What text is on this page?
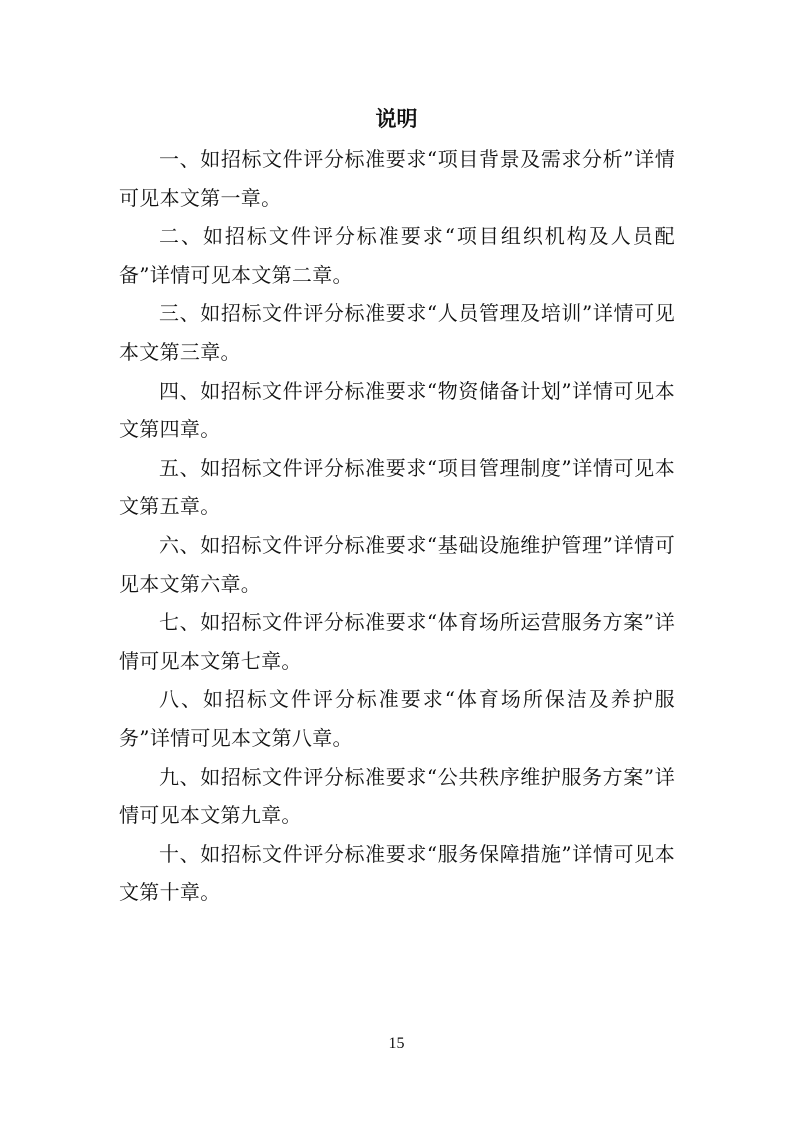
说明

一、如招标文件评分标准要求“项目背景及需求分析”详情可见本文第一章。

二、如招标文件评分标准要求“项目组织机构及人员配备”详情可见本文第二章。

三、如招标文件评分标准要求“人员管理及培训”详情可见本文第三章。

四、如招标文件评分标准要求“物资储备计划”详情可见本文第四章。

五、如招标文件评分标准要求“项目管理制度”详情可见本文第五章。

六、如招标文件评分标准要求“基础设施维护管理”详情可见本文第六章。

七、如招标文件评分标准要求“体育场所运营服务方案”详情可见本文第七章。

八、如招标文件评分标准要求“体育场所保洁及养护服务”详情可见本文第八章。

九、如招标文件评分标准要求“公共秩序维护服务方案”详情可见本文第九章。

十、如招标文件评分标准要求“服务保障措施”详情可见本文第十章。

15
